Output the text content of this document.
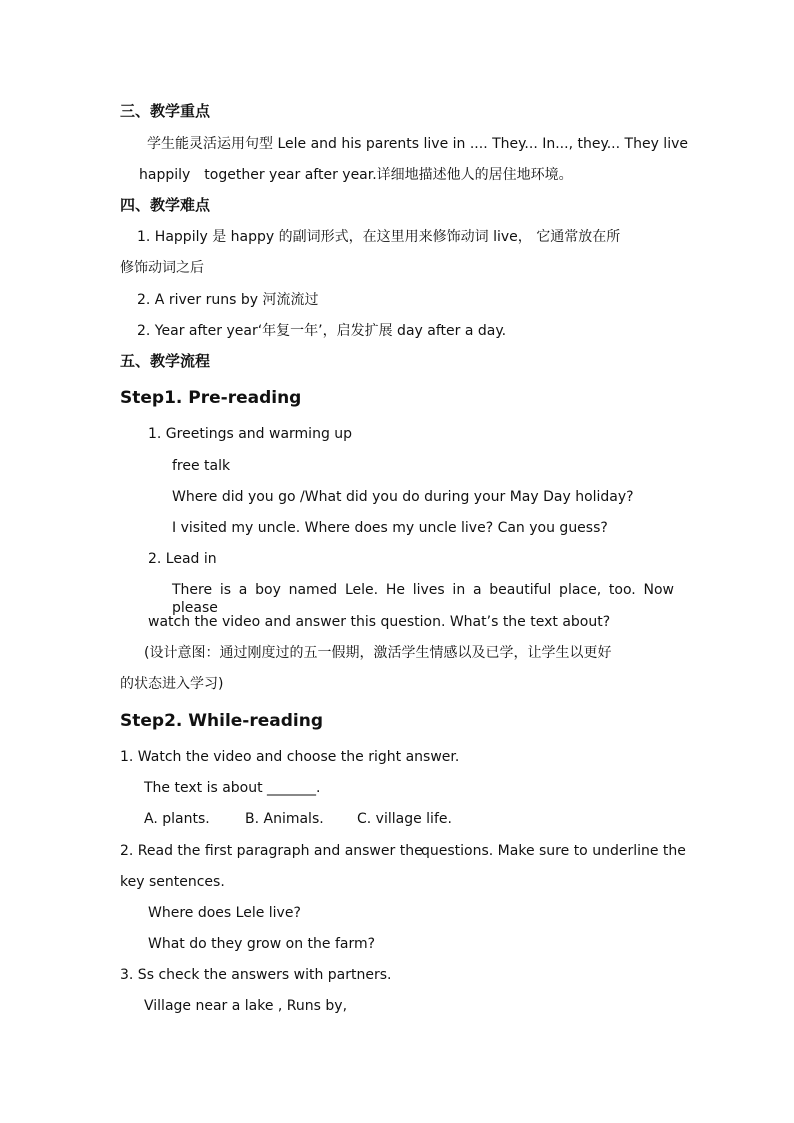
三、教学重点
学生能灵活运用句型 Lele and his parents live in .... They... In..., they... They live
happily together year after year.详细地描述他人的居住地环境。
四、教学难点
1. Happily 是 happy 的副词形式，在这里用来修饰动词 live， 它通常放在所
修饰动词之后
2. A river runs by 河流流过
2. Year after year‘年复一年’，启发扩展 day after a day.
五、教学流程
Step1. Pre-reading
1. Greetings and warming up
free talk
Where did you go /What did you do during your May Day holiday?
I visited my uncle. Where does my uncle live? Can you guess?
2. Lead in
There is a boy named Lele. He lives in a beautiful place, too. Now please
watch the video and answer this question. What’s the text about?
(设计意图：通过刚度过的五一假期，激活学生情感以及已学，让学生以更好
的状态进入学习)
Step2. While-reading
1. Watch the video and choose the right answer.
The text is about _______.
A. plants.	B. Animals. C. village life.
2. Read the first paragraph and answer the
questions. Make sure to underline the
key sentences.
Where does Lele live?
What do they grow on the farm?
3. Ss check the answers with partners.
Village near a lake , Runs by,
